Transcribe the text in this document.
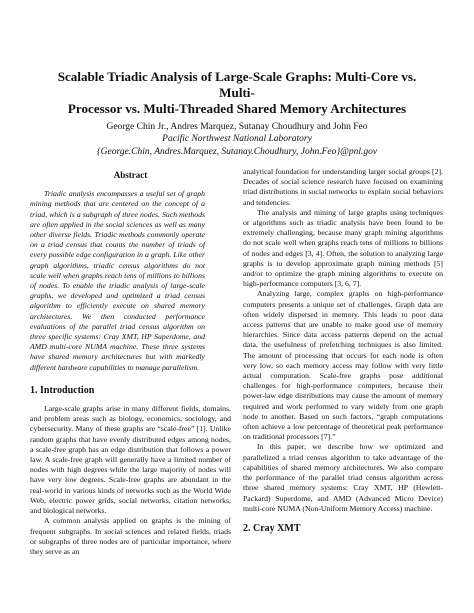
Scalable Triadic Analysis of Large-Scale Graphs: Multi-Core vs. Multi-
Processor vs. Multi-Threaded Shared Memory Architectures
George Chin Jr., Andres Marquez, Sutanay Choudhury and John Feo
Pacific Northwest National Laboratory
{George.Chin, Andres.Marquez, Sutanay.Choudhury, John.Feo}@pnl.gov
Abstract

Triadic analysis encompasses a useful set of graph mining methods that are centered on the concept of a triad, which is a subgraph of three nodes. Such methods are often applied in the social sciences as well as many other diverse fields. Triadic methods commonly operate on a triad census that counts the number of triads of every possible edge configuration in a graph. Like other graph algorithms, triadic census algorithms do not scale well when graphs reach tens of millions to billions of nodes. To enable the triadic analysis of large-scale graphs, we developed and optimized a triad census algorithm to efficiently execute on shared memory architectures. We then conducted performance evaluations of the parallel triad census algorithm on three specific systems: Cray XMT, HP Superdome, and AMD multi-core NUMA machine. These three systems have shared memory architectures but with markedly different hardware capabilities to manage parallelism.

1. Introduction

Large-scale graphs arise in many different fields, domains, and problem areas such as biology, economics, sociology, and cybersecurity. Many of these graphs are “scale-free” [1]. Unlike random graphs that have evenly distributed edges among nodes, a scale-free graph has an edge distribution that follows a power law. A scale-free graph will generally have a limited number of nodes with high degrees while the large majority of nodes will have very low degrees. Scale-free graphs are abundant in the real-world in various kinds of networks such as the World Wide Web, electric power grids, social networks, citation networks, and biological networks.

A common analysis applied on graphs is the mining of frequent subgraphs. In social sciences and related fields, triads or subgraphs of three nodes are of particular importance, where they serve as an

analytical foundation for understanding larger social groups [2]. Decades of social science research have focused on examining triad distributions in social networks to explain social behaviors and tendencies.

The analysis and mining of large graphs using techniques or algorithms such as triadic analysis have been found to be extremely challenging, because many graph mining algorithms do not scale well when graphs reach tens of millions to billions of nodes and edges [3, 4]. Often, the solution to analyzing large graphs is to develop approximate graph mining methods [5] and/or to optimize the graph mining algorithms to execute on high-performance computers [3, 6, 7].

Analyzing large, complex graphs on high-performance computers presents a unique set of challenges. Graph data are often widely dispersed in memory. This leads to poor data access patterns that are unable to make good use of memory hierarchies. Since data access patterns depend on the actual data, the usefulness of prefetching techniques is also limited. The amount of processing that occurs for each node is often very low, so each memory access may follow with very little actual computation. Scale-free graphs pose additional challenges for high-performance computers, because their power-law edge distributions may cause the amount of memory required and work performed to vary widely from one graph node to another. Based on such factors, “graph computations often achieve a low percentage of theoretical peak performance on traditional processors [7].”

In this paper, we describe how we optimized and parallelized a triad census algorithm to take advantage of the capabilities of shared memory architectures. We also compare the performance of the parallel triad census algorithm across three shared memory systems: Cray XMT, HP (Hewlett-Packard) Superdome, and AMD (Advanced Micro Device) multi-core NUMA (Non-Uniform Memory Access) machine.

2. Cray XMT
